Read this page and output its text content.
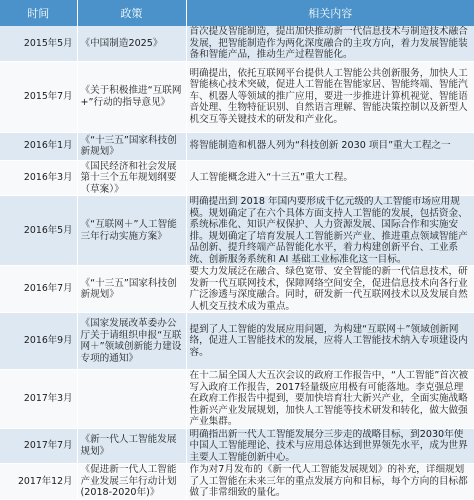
时间	政策	相关内容
2015年5月	《中国制造2025》	首次提及智能制造，提出加快推动新一代信息技术与制造技术融合发展，把智能制造作为两化深度融合的主攻方向，着力发展智能装备和智能产品，推动生产过程智能化。
2015年7月	《关于积极推进“互联网+”行动的指导意见》	明确提出，依托互联网平台提供人工智能公共创新服务，加快人工智能核心技术突破，促进人工智能在智能家居、智能终端、智能汽车、机器人等领域的推广应用，要进一步推进计算机视觉、智能语音处理、生物特征识别、自然语言理解、智能决策控制以及新型人机交互等关键技术的研发和产业化。
2016年1月	《“十三五”国家科技创新规划》	将智能制造和机器人列为“科技创新 2030 项目”重大工程之一
2016年3月	《国民经济和社会发展第十三个五年规划纲要（草案）》	人工智能概念进入“十三五”重大工程。
2016年5月	《“互联网＋”人工智能三年行动实施方案》	明确提出到 2018 年国内要形成千亿元级的人工智能市场应用规模。规划确定了在六个具体方面支持人工智能的发展，包括资金、系统标准化、知识产权保护、人力资源发展、国际合作和实施安排。规划确定了培育发展人工智能新兴产业、推进重点领域智能产品创新、提升终端产品智能化水平，着力构建创新平台、工业系统、创新服务系统和 AI 基础工业标准化这一目标。
2016年7月	《“十三五”国家科技创新规划》	要大力发展泛在融合、绿色宽带、安全智能的新一代信息技术，研发新一代互联网技术，保障网络空间安全，促进信息技术向各行业广泛渗透与深度融合。同时，研发新一代互联网技术以及发展自然人机交互技术成为重点。
2016年9月	《国家发展改革委办公厅关于请组织申报“互联网＋”领域创新能力建设专项的通知》	提到了人工智能的发展应用问题，为构建“互联网＋”领域创新网络，促进人工智能技术的发展，应将人工智能技术纳入专项建设内容。
2017年3月		在十二届全国人大五次会议的政府工作报告中，“人工智能”首次被写入政府工作报告，2017轻量级应用极有可能落地。李克强总理在政府工作报告中提到，要加快培育壮大新兴产业，全面实施战略性新兴产业发展规划，加快人工智能等技术研发和转化，做大做强产业集群。
2017年7月	《新一代人工智能发展规划》	明确指出新一代人工智能发展分三步走的战略目标，到2030年使中国人工智能理论、技术与应用总体达到世界领先水平，成为世界主要人工智能创新中心。
2017年12月	《促进新一代人工智能产业发展三年行动计划(2018-2020年)》	作为对7月发布的《新一代人工智能发展规划》的补充，详细规划了人工智能在未来三年的重点发展方向和目标，每个方向的目标都做了非常细致的量化。
